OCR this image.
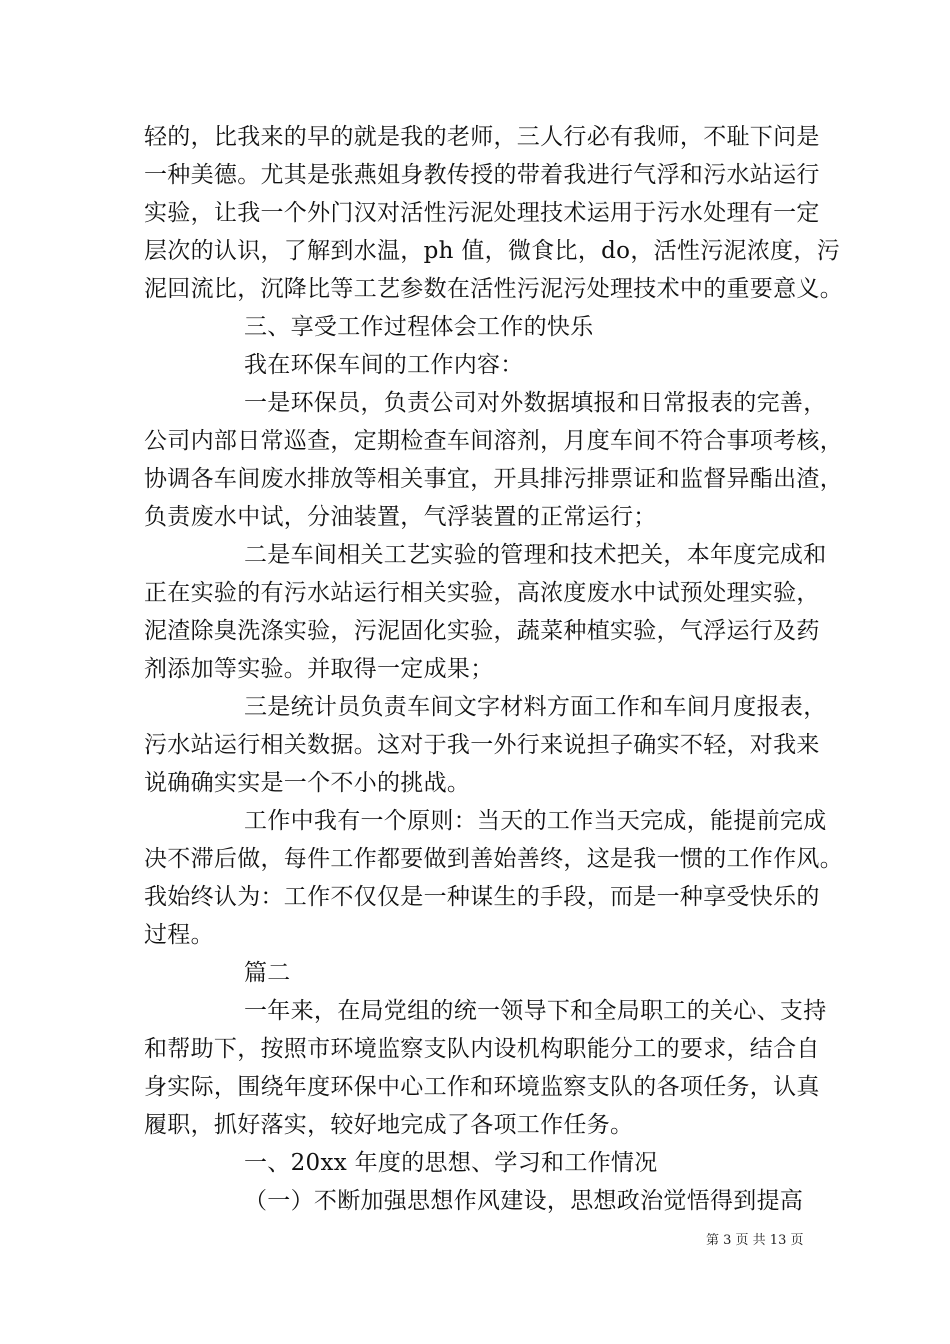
轻的，比我来的早的就是我的老师，三人行必有我师，不耻下问是
一种美德。尤其是张燕姐身教传授的带着我进行气浮和污水站运行
实验，让我一个外门汉对活性污泥处理技术运用于污水处理有一定
层次的认识，了解到水温，ph 值，微食比，do，活性污泥浓度，污
泥回流比，沉降比等工艺参数在活性污泥污处理技术中的重要意义。
三、享受工作过程体会工作的快乐
我在环保车间的工作内容：
一是环保员，负责公司对外数据填报和日常报表的完善，
公司内部日常巡查，定期检查车间溶剂，月度车间不符合事项考核，
协调各车间废水排放等相关事宜，开具排污排票证和监督异酯出渣，
负责废水中试，分油装置，气浮装置的正常运行；
二是车间相关工艺实验的管理和技术把关，本年度完成和
正在实验的有污水站运行相关实验，高浓度废水中试预处理实验，
泥渣除臭洗涤实验，污泥固化实验，蔬菜种植实验，气浮运行及药
剂添加等实验。并取得一定成果；
三是统计员负责车间文字材料方面工作和车间月度报表，
污水站运行相关数据。这对于我一外行来说担子确实不轻，对我来
说确确实实是一个不小的挑战。
工作中我有一个原则：当天的工作当天完成，能提前完成
决不滞后做，每件工作都要做到善始善终，这是我一惯的工作作风。
我始终认为：工作不仅仅是一种谋生的手段，而是一种享受快乐的
过程。
篇二
一年来，在局党组的统一领导下和全局职工的关心、支持
和帮助下，按照市环境监察支队内设机构职能分工的要求，结合自
身实际，围绕年度环保中心工作和环境监察支队的各项任务，认真
履职，抓好落实，较好地完成了各项工作任务。
一、20xx 年度的思想、学习和工作情况
（一）不断加强思想作风建设，思想政治觉悟得到提高
第 3 页 共 13 页
